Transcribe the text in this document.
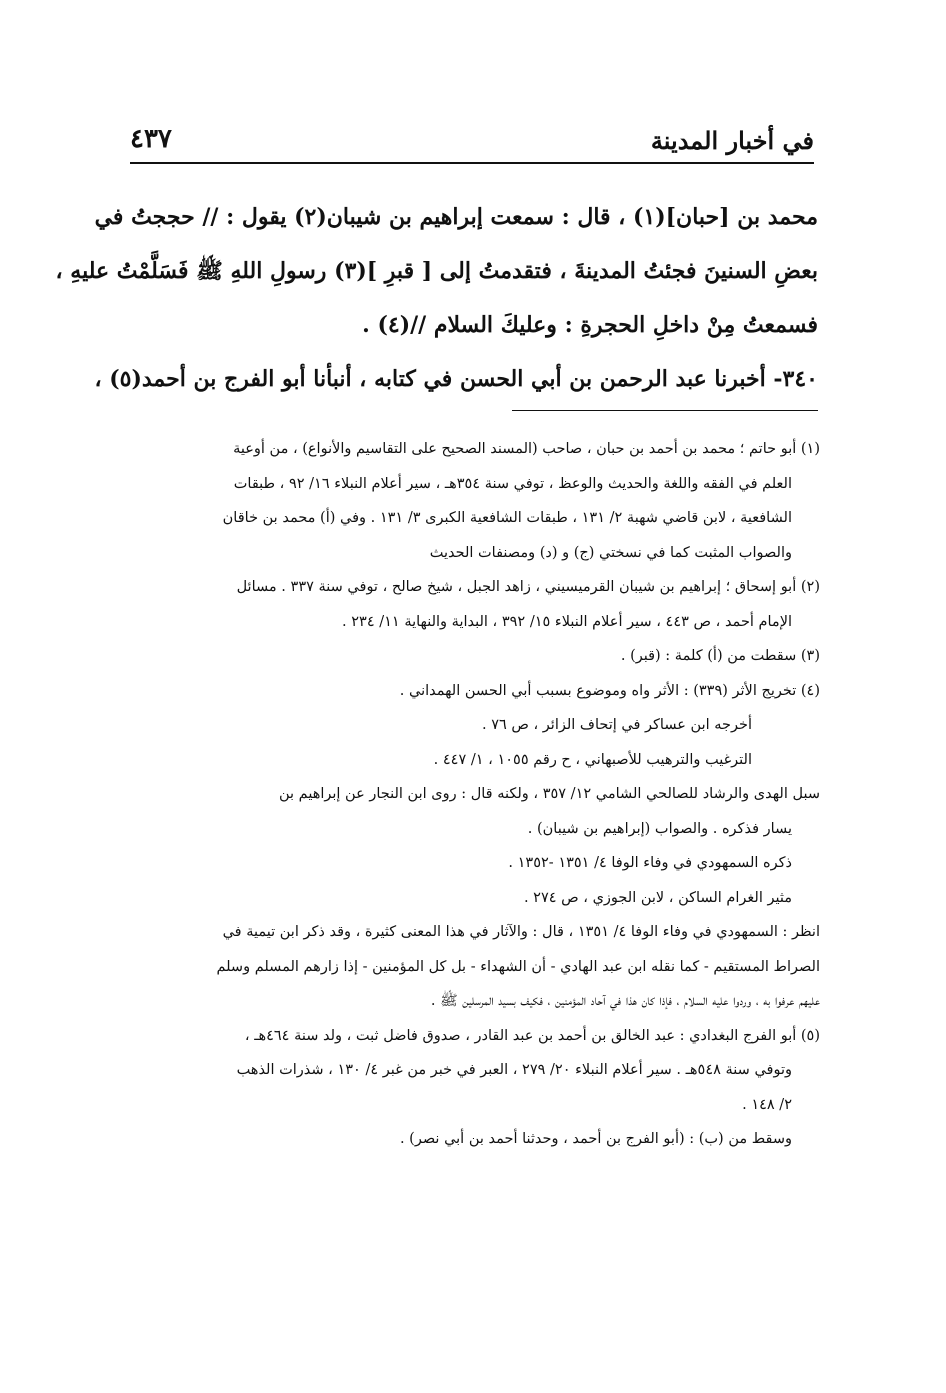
في أخبار المدينة
٤٣٧
محمد بن [حبان](١) ، قال : سمعت إبراهيم بن شيبان(٢) يقول : // حججتُ في
بعضِ السنينَ فجئتُ المدينةَ ، فتقدمتُ إلى [ قبرِ ](٣) رسولِ اللهِ ﷺ فَسَلَّمْتُ عليهِ ،
فسمعتُ مِنْ داخلِ الحجرةِ : وعليكَ السلام //(٤) .
٣٤٠- أخبرنا عبد الرحمن بن أبي الحسن في كتابه ، أنبأنا أبو الفرج بن أحمد(٥) ،
(١) أبو حاتم ؛ محمد بن أحمد بن حبان ، صاحب (المسند الصحيح على التقاسيم والأنواع) ، من أوعية
العلم في الفقه واللغة والحديث والوعظ ، توفي سنة ٣٥٤هـ ، سير أعلام النبلاء ١٦/ ٩٢ ، طبقات
الشافعية ، لابن قاضي شهبة ٢/ ١٣١ ، طبقات الشافعية الكبرى ٣/ ١٣١ . وفي (أ) محمد بن خاقان
والصواب المثبت كما في نسختي (ج) و (د) ومصنفات الحديث
(٢) أبو إسحاق ؛ إبراهيم بن شيبان القرميسيني ، زاهد الجبل ، شيخ صالح ، توفي سنة ٣٣٧ . مسائل
الإمام أحمد ، ص ٤٤٣ ، سير أعلام النبلاء ١٥/ ٣٩٢ ، البداية والنهاية ١١/ ٢٣٤ .
(٣) سقطت من (أ) كلمة : (قبر) .
(٤) تخريج الأثر (٣٣٩) : الأثر واه وموضوع بسبب أبي الحسن الهمداني .
أخرجه ابن عساكر في إتحاف الزائر ، ص ٧٦ .
الترغيب والترهيب للأصبهاني ، ح رقم ١٠٥٥ ، ١/ ٤٤٧ .
سبل الهدى والرشاد للصالحي الشامي ١٢/ ٣٥٧ ، ولكنه قال : روى ابن النجار عن إبراهيم بن
يسار فذكره . والصواب (إبراهيم بن شيبان) .
ذكره السمهودي في وفاء الوفا ٤/ ١٣٥١ -١٣٥٢ .
مثير الغرام الساكن ، لابن الجوزي ، ص ٢٧٤ .
انظر : السمهودي في وفاء الوفا ٤/ ١٣٥١ ، قال : والآثار في هذا المعنى كثيرة ، وقد ذكر ابن تيمية في
الصراط المستقيم - كما نقله ابن عبد الهادي - أن الشهداء - بل كل المؤمنين - إذا زارهم المسلم وسلم
عليهم عرفوا به ، وردوا عليه السلام ، فإذا كان هذا في آحاد المؤمنين ، فكيف بسيد المرسلين ﷺ .
(٥) أبو الفرج البغدادي : عبد الخالق بن أحمد بن عبد القادر ، صدوق فاضل ثبت ، ولد سنة ٤٦٤هـ ،
وتوفي سنة ٥٤٨هـ . سير أعلام النبلاء ٢٠/ ٢٧٩ ، العبر في خبر من غبر ٤/ ١٣٠ ، شذرات الذهب
٢/ ١٤٨ .
وسقط من (ب) : (أبو الفرج بن أحمد ، وحدثنا أحمد بن أبي نصر) .
